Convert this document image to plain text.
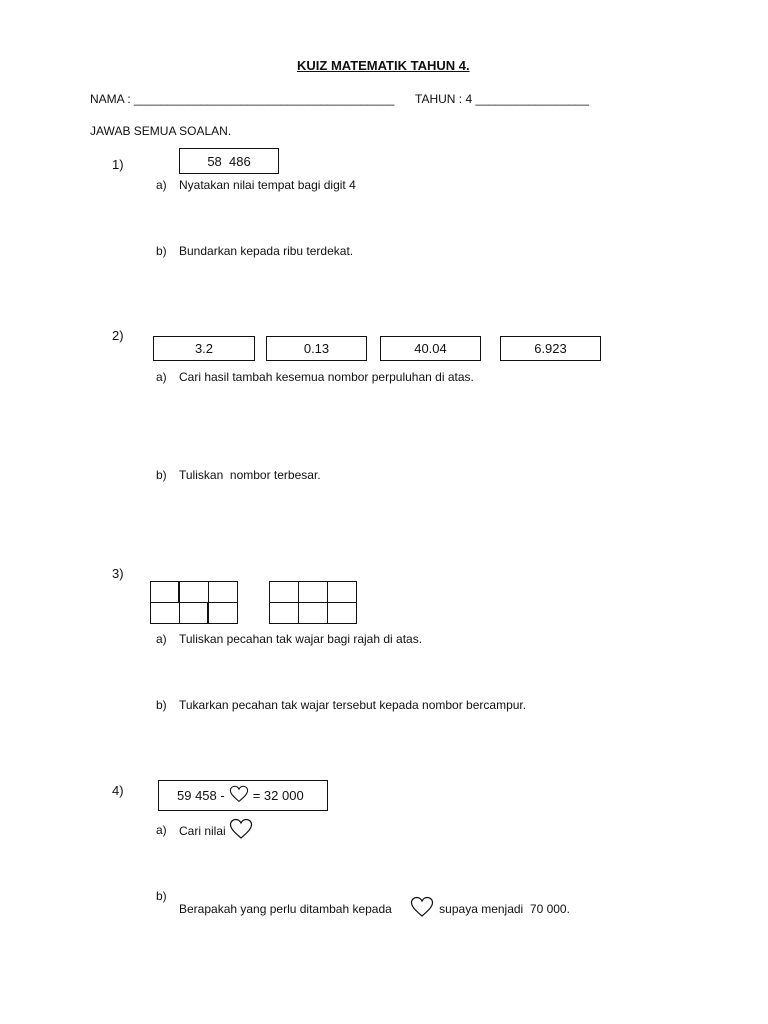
KUIZ MATEMATIK TAHUN 4.
NAMA : _______________________________________ TAHUN : 4 _________________
JAWAB SEMUA SOALAN.
1)	58  486
a) Nyatakan nilai tempat bagi digit 4
b) Bundarkan kepada ribu terdekat.
2)
3.2	0.13	40.04	6.923
a) Cari hasil tambah kesemua nombor perpuluhan di atas.
b) Tuliskan  nombor terbesar.
3)
a) Tuliskan pecahan tak wajar bagi rajah di atas.
b) Tukarkan pecahan tak wajar tersebut kepada nombor bercampur.
4)	59 458 - = 32 000
a) Cari nilai
b)
Berapakah yang perlu ditambah kepada

	supaya menjadi  70 000.
